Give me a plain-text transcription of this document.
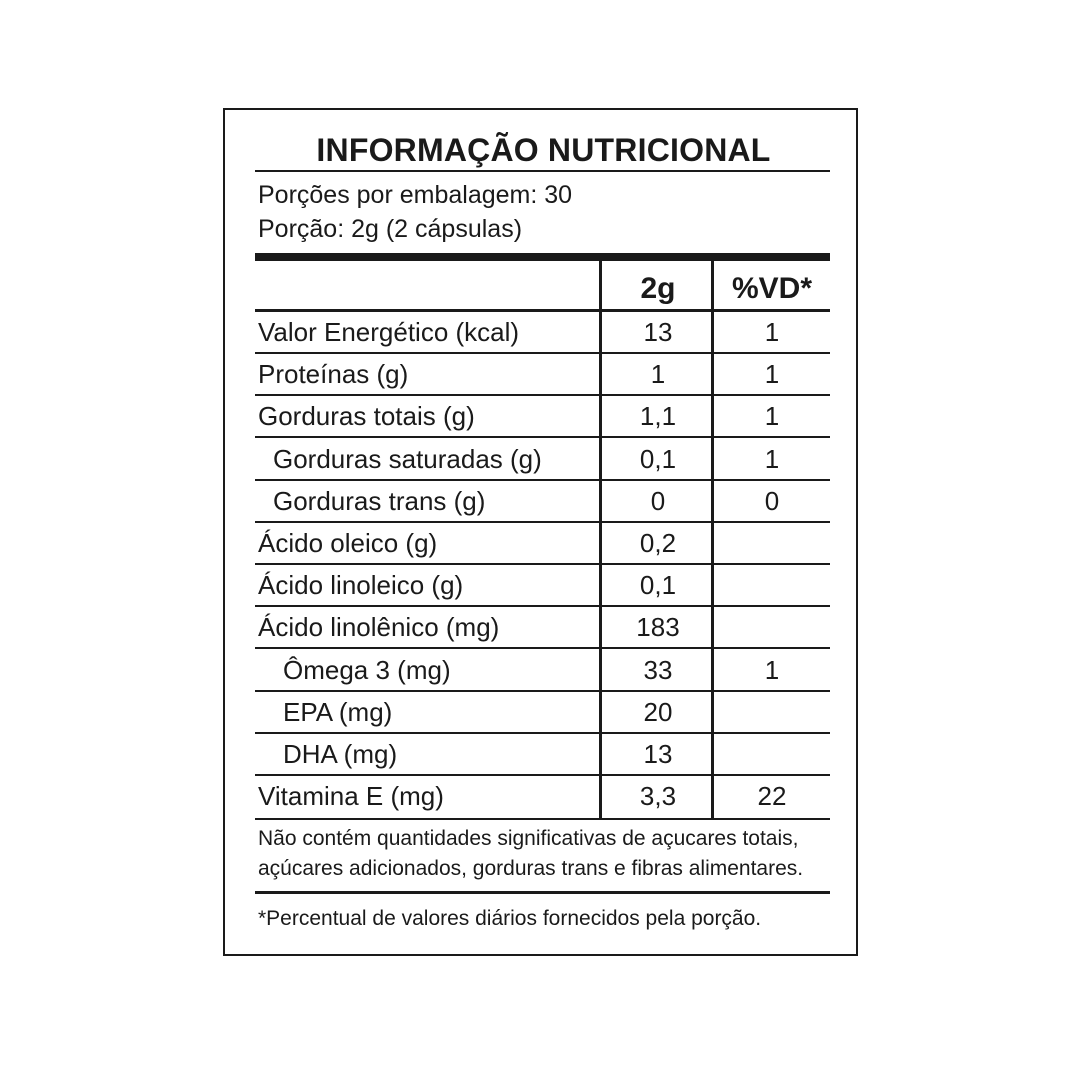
INFORMAÇÃO NUTRICIONAL
Porções por embalagem: 30
Porção: 2g (2 cápsulas)
2g	%VD*
Valor Energético (kcal)	13	1
Proteínas (g)	1	1
Gorduras totais (g)	1,1	1
Gorduras saturadas (g)	0,1	1
Gorduras trans (g)	0	0
Ácido oleico (g)	0,2
Ácido linoleico (g)	0,1
Ácido linolênico (mg)	183
Ômega 3 (mg)	33	1
EPA (mg)	20
DHA (mg)	13
Vitamina E (mg)	3,3	22
Não contém quantidades significativas de açucares totais,
açúcares adicionados, gorduras trans e fibras alimentares.
*Percentual de valores diários fornecidos pela porção.
